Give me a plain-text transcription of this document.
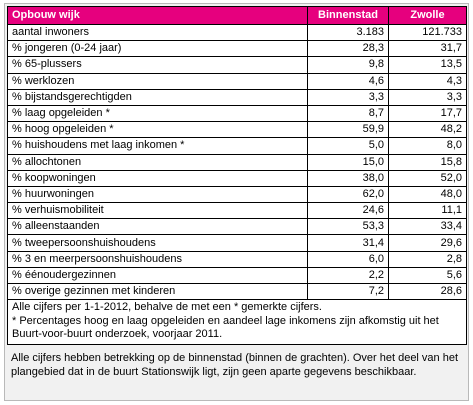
Opbouw wijk	Binnenstad	Zwolle
aantal inwoners	3.183	121.733
% jongeren (0-24 jaar)	28,3	31,7
% 65-plussers	9,8	13,5
% werklozen	4,6	4,3
% bijstandsgerechtigden	3,3	3,3
% laag opgeleiden *	8,7	17,7
% hoog opgeleiden *	59,9	48,2
% huishoudens met laag inkomen *	5,0	8,0
% allochtonen	15,0	15,8
% koopwoningen	38,0	52,0
% huurwoningen	62,0	48,0
% verhuismobiliteit	24,6	11,1
% alleenstaanden	53,3	33,4
% tweepersoonshuishoudens	31,4	29,6
% 3 en meerpersoonshuishoudens	6,0	2,8
% éénoudergezinnen	2,2	5,6
% overige gezinnen met kinderen	7,2	28,6

Alle cijfers per 1-1-2012, behalve de met een * gemerkte cijfers.
* Percentages hoog en laag opgeleiden en aandeel lage inkomens zijn afkomstig uit het Buurt-voor-buurt onderzoek, voorjaar 2011.		
Alle cijfers hebben betrekking op de binnenstad (binnen de grachten). Over het deel van het plangebied dat in de buurt Stationswijk ligt, zijn geen aparte gegevens beschikbaar.
